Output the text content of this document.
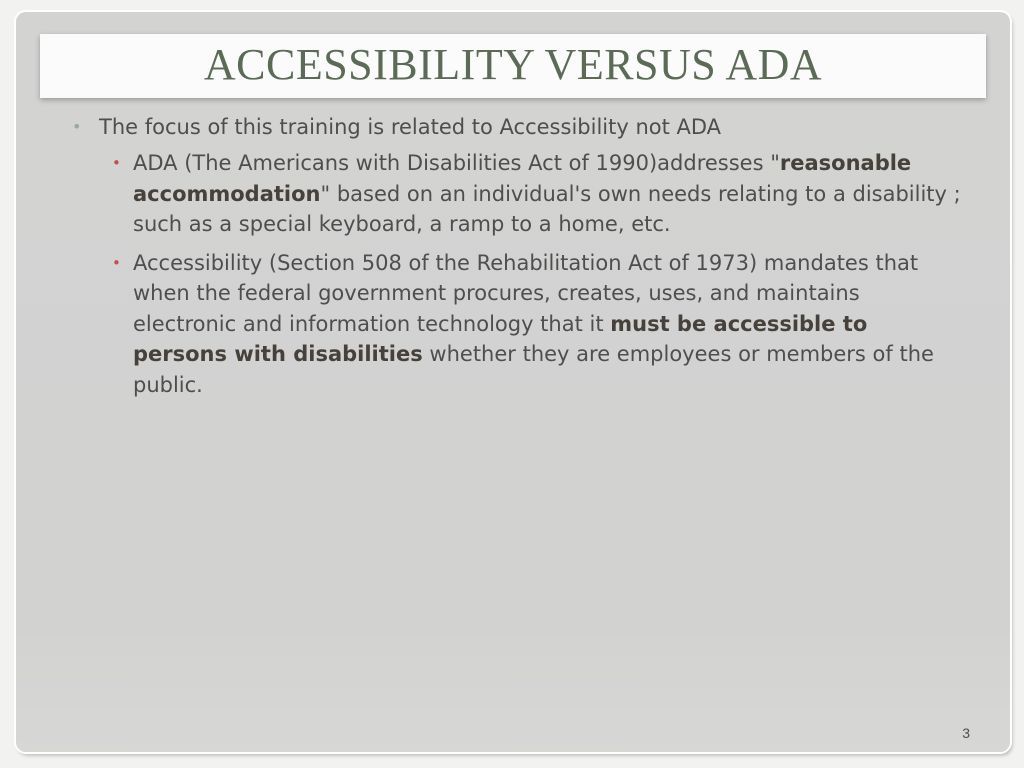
ACCESSIBILITY VERSUS ADA
• The focus of this training is related to Accessibility not ADA
• ADA (The Americans with Disabilities Act of 1990)addresses "reasonable accommodation" based on an individual's own needs relating to a disability ; such as a special keyboard, a ramp to a home, etc.
• Accessibility (Section 508 of the Rehabilitation Act of 1973) mandates that when the federal government procures, creates, uses, and maintains electronic and information technology that it must be accessible to persons with disabilities whether they are employees or members of the public.
3
